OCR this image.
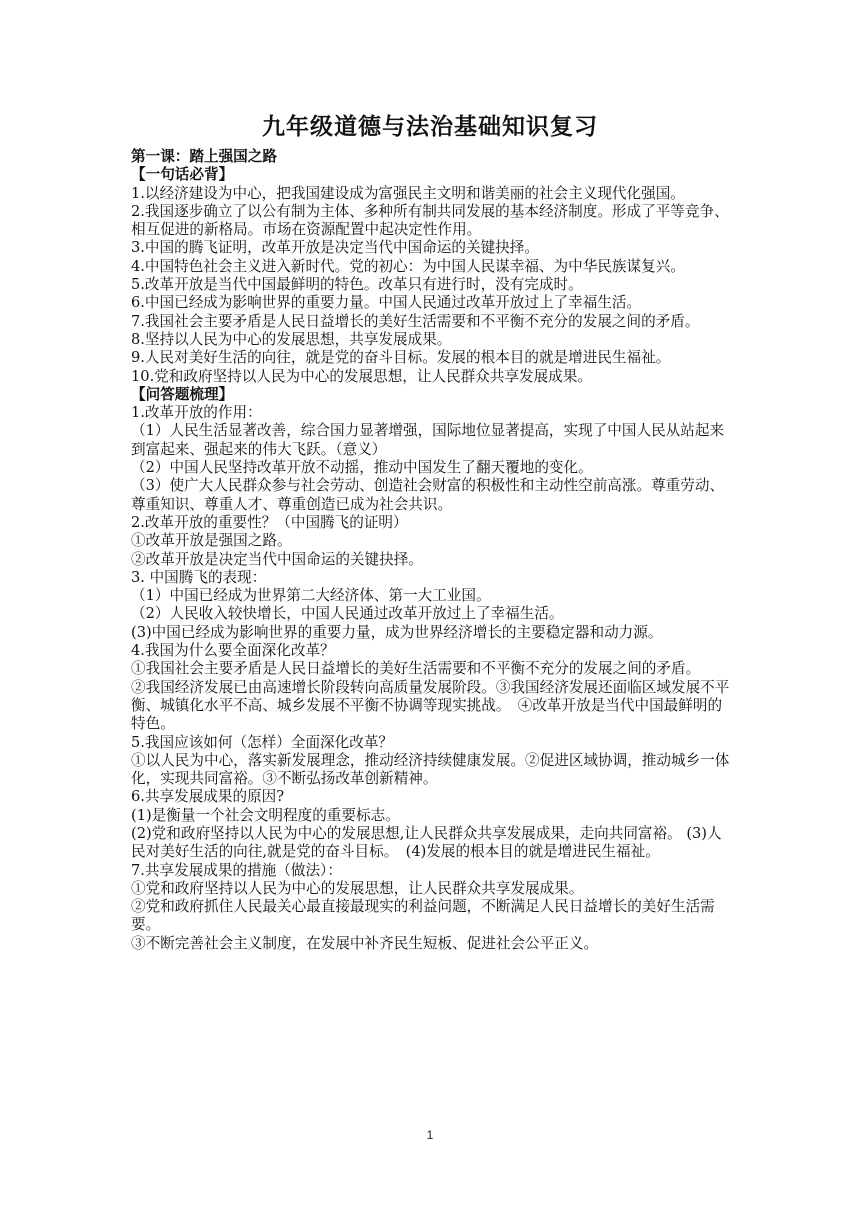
九年级道德与法治基础知识复习

第一课：踏上强国之路

【一句话必背】

1.以经济建设为中心，把我国建设成为富强民主文明和谐美丽的社会主义现代化强国。

2.我国逐步确立了以公有制为主体、多种所有制共同发展的基本经济制度。形成了平等竞争、相互促进的新格局。市场在资源配置中起决定性作用。

3.中国的腾飞证明，改革开放是决定当代中国命运的关键抉择。

4.中国特色社会主义进入新时代。党的初心：为中国人民谋幸福、为中华民族谋复兴。

5.改革开放是当代中国最鲜明的特色。改革只有进行时，没有完成时。

6.中国已经成为影响世界的重要力量。中国人民通过改革开放过上了幸福生活。

7.我国社会主要矛盾是人民日益增长的美好生活需要和不平衡不充分的发展之间的矛盾。

8.坚持以人民为中心的发展思想，共享发展成果。

9.人民对美好生活的向往，就是党的奋斗目标。发展的根本目的就是增进民生福祉。

10.党和政府坚持以人民为中心的发展思想，让人民群众共享发展成果。

【问答题梳理】

1.改革开放的作用：

（1）人民生活显著改善，综合国力显著增强，国际地位显著提高，实现了中国人民从站起来到富起来、强起来的伟大飞跃。（意义）

（2）中国人民坚持改革开放不动摇，推动中国发生了翻天覆地的变化。

（3）使广大人民群众参与社会劳动、创造社会财富的积极性和主动性空前高涨。尊重劳动、尊重知识、尊重人才、尊重创造已成为社会共识。

2.改革开放的重要性？（中国腾飞的证明）

①改革开放是强国之路。

②改革开放是决定当代中国命运的关键抉择。

3. 中国腾飞的表现：

（1）中国已经成为世界第二大经济体、第一大工业国。

（2）人民收入较快增长，中国人民通过改革开放过上了幸福生活。

(3)中国已经成为影响世界的重要力量，成为世界经济增长的主要稳定器和动力源。

4.我国为什么要全面深化改革？

①我国社会主要矛盾是人民日益增长的美好生活需要和不平衡不充分的发展之间的矛盾。　　②我国经济发展已由高速增长阶段转向高质量发展阶段。③我国经济发展还面临区域发展不平衡、城镇化水平不高、城乡发展不平衡不协调等现实挑战。　④改革开放是当代中国最鲜明的特色。

5.我国应该如何（怎样）全面深化改革？

①以人民为中心，落实新发展理念，推动经济持续健康发展。②促进区域协调，推动城乡一体化，实现共同富裕。③不断弘扬改革创新精神。

6.共享发展成果的原因?

(1)是衡量一个社会文明程度的重要标志。

(2)党和政府坚持以人民为中心的发展思想,让人民群众共享发展成果，走向共同富裕。 (3)人民对美好生活的向往,就是党的奋斗目标。　(4)发展的根本目的就是增进民生福祉。

7.共享发展成果的措施（做法）：

①党和政府坚持以人民为中心的发展思想，让人民群众共享发展成果。

②党和政府抓住人民最关心最直接最现实的利益问题，不断满足人民日益增长的美好生活需要。

③不断完善社会主义制度，在发展中补齐民生短板、促进社会公平正义。

1
